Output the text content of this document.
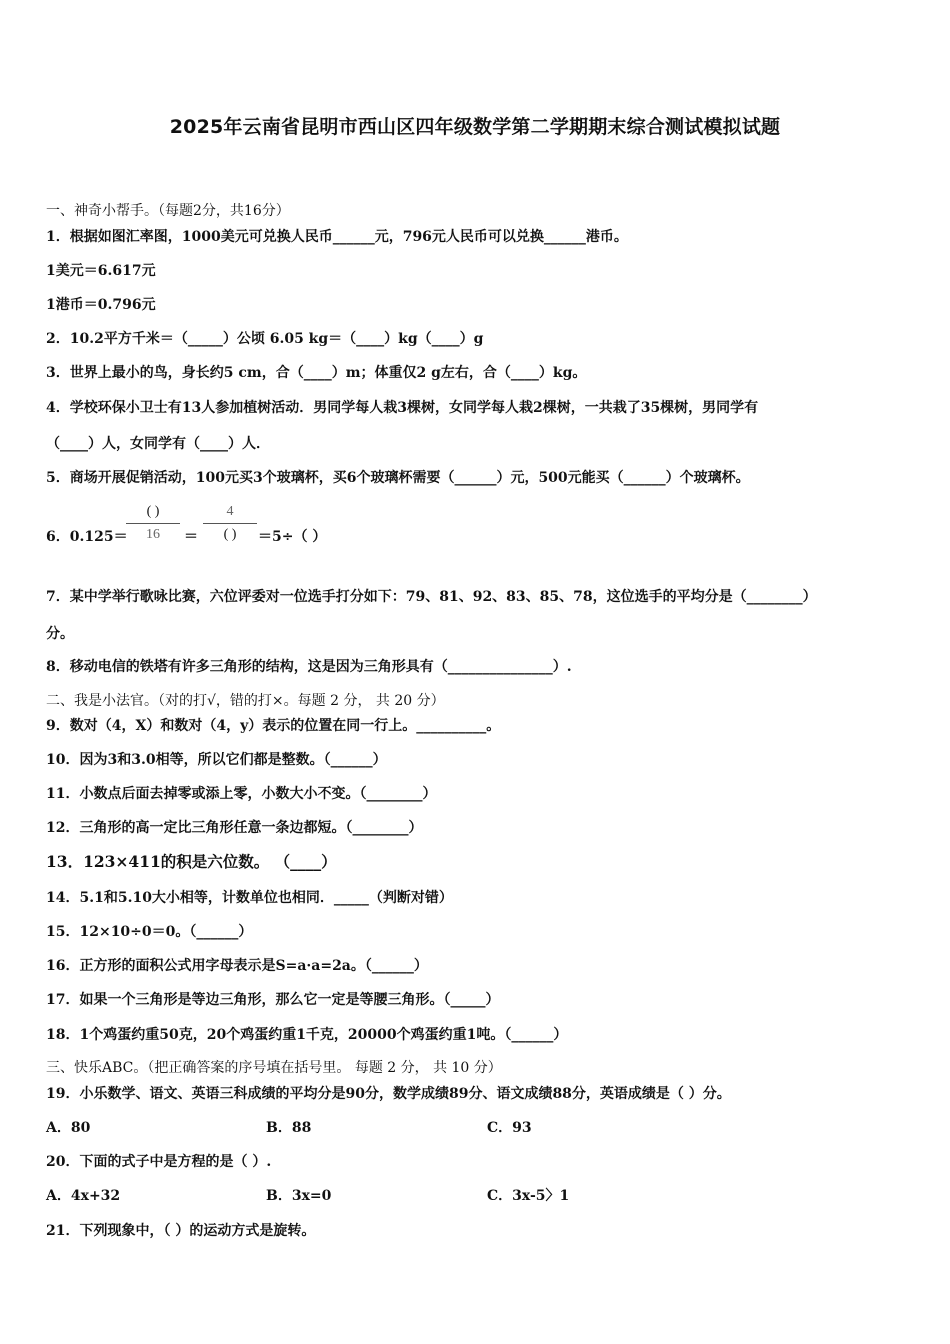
2025年云南省昆明市西山区四年级数学第二学期期末综合测试模拟试题
一、神奇小帮手。（每题2分，共16分）
1．根据如图汇率图，1000美元可兑换人民币______元，796元人民币可以兑换______港币。
1美元＝6.617元
1港币＝0.796元
2．10.2平方千米＝（_____）公顷 6.05 kg＝（____）kg（____）g
3．世界上最小的鸟，身长约5 cm，合（____）m；体重仅2 g左右，合（____）kg。
4．学校环保小卫士有13人参加植树活动．男同学每人栽3棵树，女同学每人栽2棵树，一共栽了35棵树，男同学有
（____）人，女同学有（____）人．
5．商场开展促销活动，100元买3个玻璃杯，买6个玻璃杯需要（______）元，500元能买（______）个玻璃杯。
6．0.125＝
( )
16	＝
4
( )	＝5÷（ ）
7．某中学举行歌咏比赛，六位评委对一位选手打分如下：79、81、92、83、85、78，这位选手的平均分是（________）
分。
8．移动电信的铁塔有许多三角形的结构，这是因为三角形具有（_______________）.
二、我是小法官。（对的打√，错的打×。每题 2 分， 共 20 分）
9．数对（4，X）和数对（4，y）表示的位置在同一行上。__________。
10．因为3和3.0相等，所以它们都是整数。（______）
11．小数点后面去掉零或添上零，小数大小不变。（________）
12．三角形的高一定比三角形任意一条边都短。（________）
13．123×411的积是六位数。 （____）
14．5.1和5.10大小相等，计数单位也相同．_____（判断对错）
15．12×10÷0＝0。（______）
16．正方形的面积公式用字母表示是S=a·a=2a。（______）
17．如果一个三角形是等边三角形，那么它一定是等腰三角形。（_____）
18．1个鸡蛋约重50克，20个鸡蛋约重1千克，20000个鸡蛋约重1吨。（______）
三、快乐ABC。（把正确答案的序号填在括号里。 每题 2 分， 共 10 分）
19．小乐数学、语文、英语三科成绩的平均分是90分，数学成绩89分、语文成绩88分，英语成绩是（ ）分。
A．80	B．88	C．93
20．下面的式子中是方程的是（ ）.
A．4x+32	B．3x=0	C．3x-5〉1
21．下列现象中，（ ）的运动方式是旋转。
